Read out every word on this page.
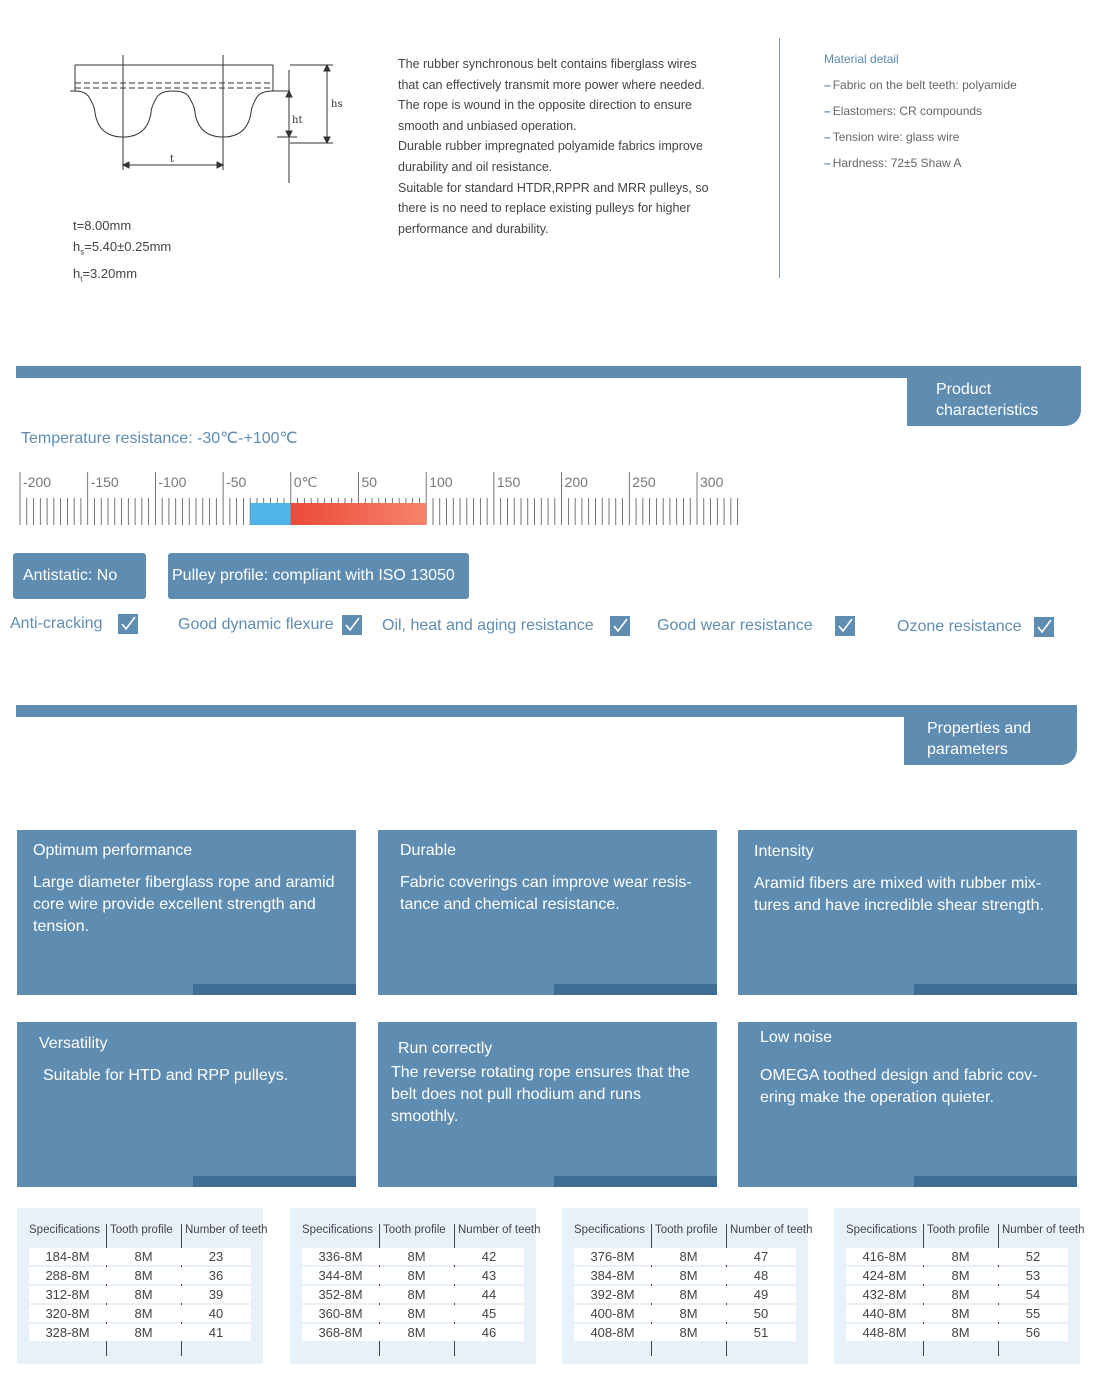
t
hs
ht
t=8.00mm
$h_s=5.40\pm 0.25mm$
$h_t=3.20mm$
The rubber synchronous belt contains fiberglass wires
that can effectively transmit more power where needed.
The rope is wound in the opposite direction to ensure
smooth and unbiased operation.
Durable rubber impregnated polyamide fabrics improve
durability and oil resistance.
Suitable for standard HTDR,RPPR and MRR pulleys, so
there is no need to replace existing pulleys for higher
performance and durability.
Material detail
– Fabric on the belt teeth: polyamide
– Elastomers: CR compounds
– Tension wire: glass wire
– Hardness: 72±5 Shaw A
Product
characteristics
Temperature resistance: -30℃-+100℃
-200	-150	-100	-50	0℃	50	100	150	200	250	300
Antistatic: No	Pulley profile: compliant with ISO 13050
Anti-cracking	Good dynamic flexure	Oil, heat and aging resistance	Good wear resistance	Ozone resistance
Properties and
parameters
Optimum performance
Large diameter fiberglass rope and aramid core wire provide excellent strength and tension.
Durable
Fabric coverings can improve wear resis-tance and chemical resistance.
Intensity
Aramid fibers are mixed with rubber mix-tures and have incredible shear strength.
Versatility
Suitable for HTD and RPP pulleys.
Run correctly
The reverse rotating rope ensures that the belt does not pull rhodium and runs smoothly.
Low noise
OMEGA toothed design and fabric cov-ering make the operation quieter.
Specifications Tooth profile Number of teeth
184-8M	8M	23
288-8M	8M	36
312-8M	8M	39
320-8M	8M	40
328-8M	8M	41
Specifications Tooth profile Number of teeth
336-8M	8M	42
344-8M	8M	43
352-8M	8M	44
360-8M	8M	45
368-8M	8M	46
Specifications Tooth profile Number of teeth
376-8M	8M	47
384-8M	8M	48
392-8M	8M	49
400-8M	8M	50
408-8M	8M	51
Specifications Tooth profile Number of teeth
416-8M	8M	52
424-8M	8M	53
432-8M	8M	54
440-8M	8M	55
448-8M	8M	56
